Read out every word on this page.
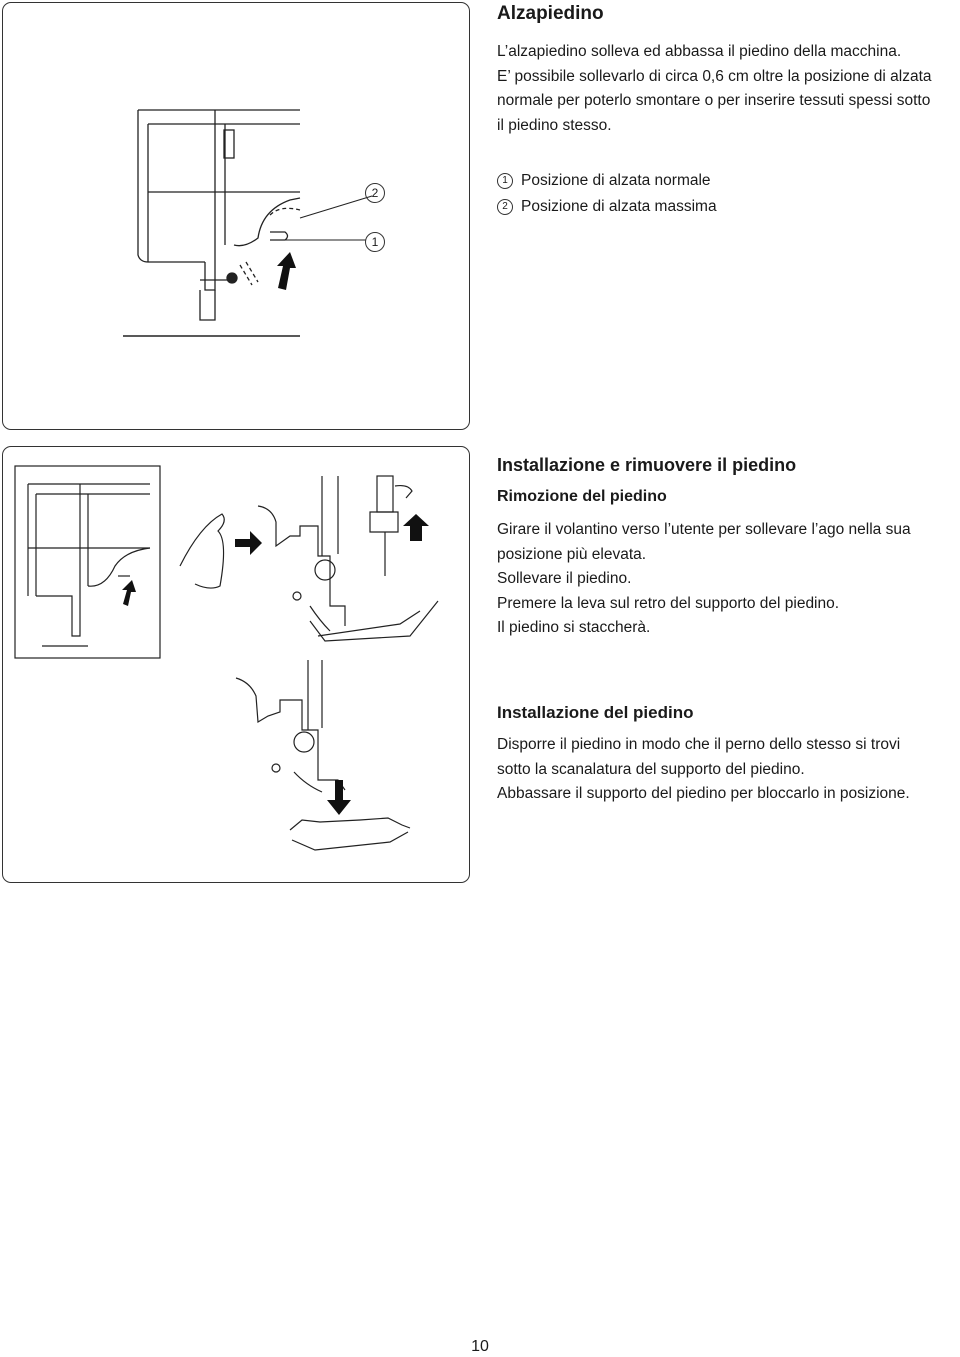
2
1
Alzapiedino

L’alzapiedino solleva ed abbassa il piedino della macchina.

E’ possibile sollevarlo di circa 0,6 cm oltre la posizione di alzata

normale per poterlo smontare o per inserire tessuti spessi sotto

il piedino stesso.

1 Posizione di alzata normale
2 Posizione di alzata massima
Installazione e rimuovere il piedino
Rimozione del piedino

Girare il volantino verso l’utente per sollevare l’ago nella sua

posizione più elevata.

Sollevare il piedino.

Premere la leva sul retro del supporto del piedino.

Il piedino si staccherà.

Installazione del piedino

Disporre il piedino in modo che il perno dello stesso si trovi

sotto la scanalatura del supporto del piedino.

Abbassare il supporto del piedino per bloccarlo in posizione.

10
